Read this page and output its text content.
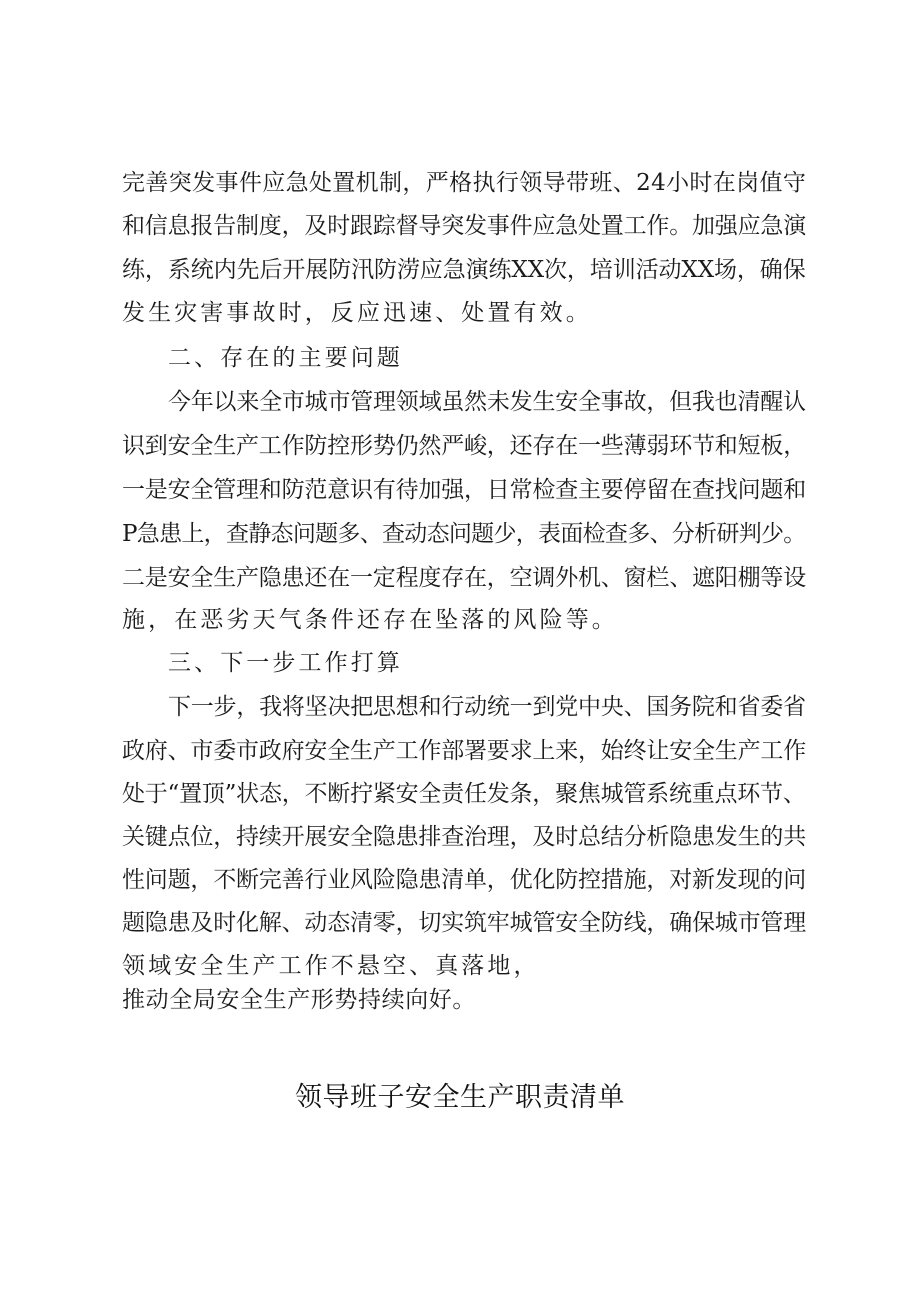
完善突发事件应急处置机制，严格执行领导带班、24小时在岗值守
和信息报告制度，及时跟踪督导突发事件应急处置工作。加强应急演
练，系统内先后开展防汛防涝应急演练XX次，培训活动XX场，确保
发生灾害事故时，反应迅速、处置有效。
二、存在的主要问题
今年以来全市城市管理领域虽然未发生安全事故，但我也清醒认
识到安全生产工作防控形势仍然严峻，还存在一些薄弱环节和短板，
一是安全管理和防范意识有待加强，日常检查主要停留在查找问题和
P急患上，查静态问题多、查动态问题少，表面检查多、分析研判少。
二是安全生产隐患还在一定程度存在，空调外机、窗栏、遮阳棚等设
施，在恶劣天气条件还存在坠落的风险等。
三、下一步工作打算
下一步，我将坚决把思想和行动统一到党中央、国务院和省委省
政府、市委市政府安全生产工作部署要求上来，始终让安全生产工作
处于“置顶”状态，不断拧紧安全责任发条，聚焦城管系统重点环节、
关键点位，持续开展安全隐患排查治理，及时总结分析隐患发生的共
性问题，不断完善行业风险隐患清单，优化防控措施，对新发现的问
题隐患及时化解、动态清零，切实筑牢城管安全防线，确保城市管理
领域安全生产工作不悬空、真落地，
推动全局安全生产形势持续向好。
领导班子安全生产职责清单
